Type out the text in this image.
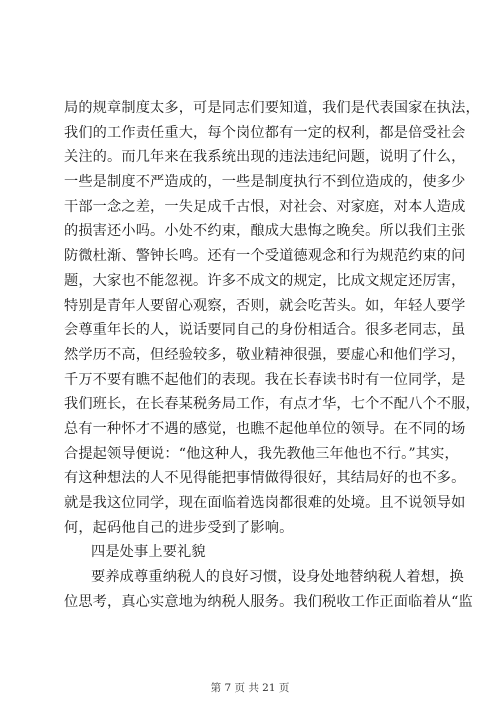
局的规章制度太多，可是同志们要知道，我们是代表国家在执法，
我们的工作责任重大，每个岗位都有一定的权利，都是倍受社会
关注的。而几年来在我系统出现的违法违纪问题，说明了什么，
一些是制度不严造成的，一些是制度执行不到位造成的，使多少
干部一念之差，一失足成千古恨，对社会、对家庭，对本人造成
的损害还小吗。小处不约束，酿成大患悔之晚矣。所以我们主张
防微杜渐、警钟长鸣。还有一个受道德观念和行为规范约束的问
题，大家也不能忽视。许多不成文的规定，比成文规定还厉害，
特别是青年人要留心观察，否则，就会吃苦头。如，年轻人要学
会尊重年长的人，说话要同自己的身份相适合。很多老同志，虽
然学历不高，但经验较多，敬业精神很强，要虚心和他们学习，
千万不要有瞧不起他们的表现。我在长春读书时有一位同学，是
我们班长，在长春某税务局工作，有点才华，七个不配八个不服，
总有一种怀才不遇的感觉，也瞧不起他单位的领导。在不同的场
合提起领导便说：“他这种人，我先教他三年他也不行。”其实，
有这种想法的人不见得能把事情做得很好，其结局好的也不多。
就是我这位同学，现在面临着选岗都很难的处境。且不说领导如
何，起码他自己的进步受到了影响。
四是处事上要礼貌
要养成尊重纳税人的良好习惯，设身处地替纳税人着想，换
位思考，真心实意地为纳税人服务。我们税收工作正面临着从“监
第 7 页 共 21 页
